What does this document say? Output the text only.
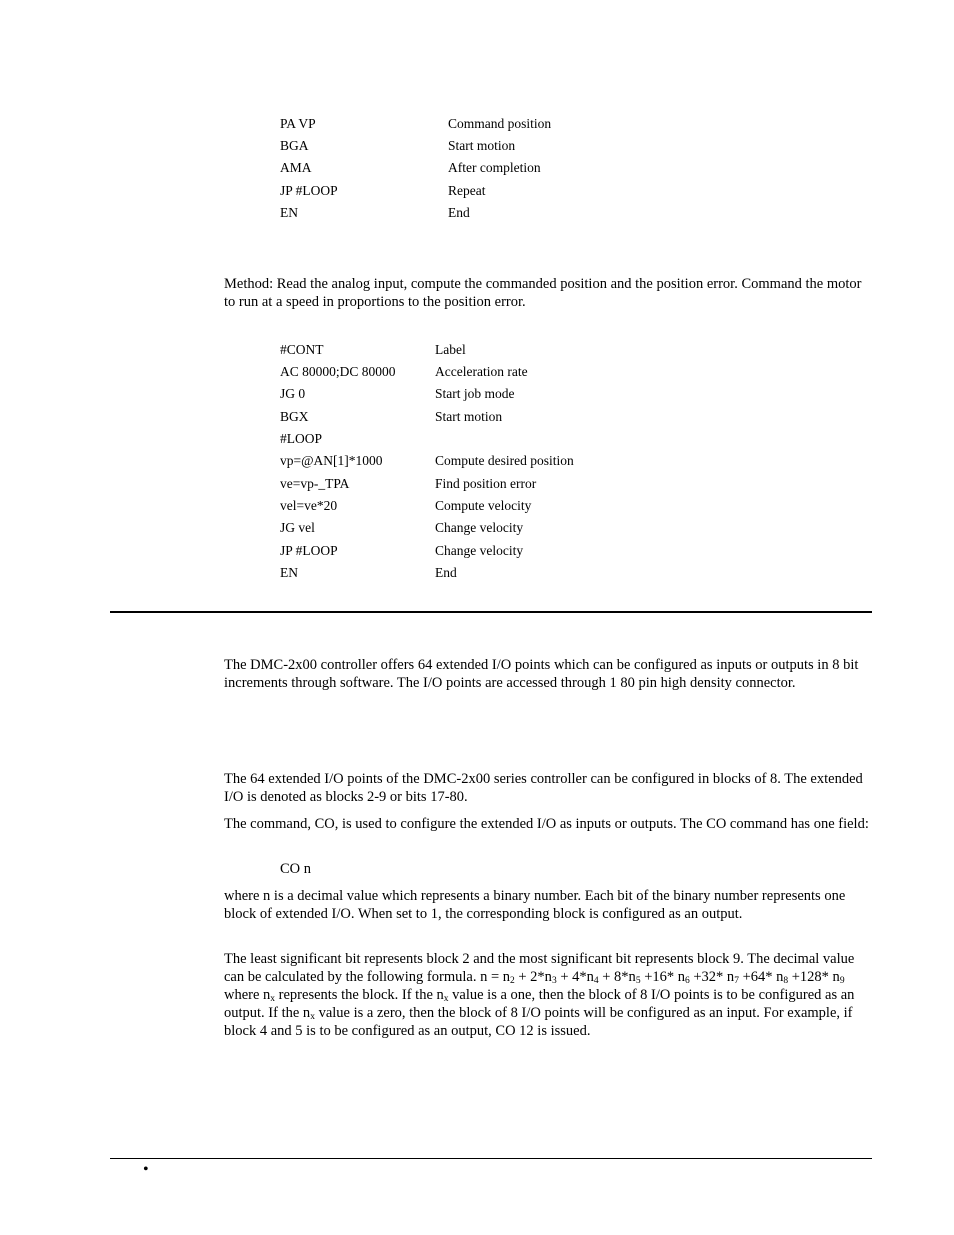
PA VP	Command position
BGA	Start motion
AMA	After completion
JP #LOOP	Repeat
EN	End

Method: Read the analog input, compute the commanded position and the position error. Command the motor to run at a speed in proportions to the position error.

#CONT	Label
AC 80000;DC 80000	Acceleration rate
JG 0	Start job mode
BGX	Start motion
#LOOP
vp=@AN[1]*1000	Compute desired position
ve=vp-_TPA	Find position error
vel=ve*20	Compute velocity
JG vel	Change velocity
JP #LOOP	Change velocity
EN	End

The DMC-2x00 controller offers 64 extended I/O points which can be configured as inputs or outputs in 8 bit increments through software. The I/O points are accessed through 1 80 pin high density connector.

The 64 extended I/O points of the DMC-2x00 series controller can be configured in blocks of 8. The extended I/O is denoted as blocks 2-9 or bits 17-80.

The command, CO, is used to configure the extended I/O as inputs or outputs. The CO command has one field:

CO n

where n is a decimal value which represents a binary number. Each bit of the binary number represents one block of extended I/O. When set to 1, the corresponding block is configured as an output.

The least significant bit represents block 2 and the most significant bit represents block 9. The decimal value can be calculated by the following formula. $n = n_2 + 2*n_3 + 4*n_4 + 8*n_5 +16*$ $n_6 +32*$ $n_7 +64*$ $n_8 +128*$ $n_9$ where $n_x$ represents the block. If the $n_x$ value is a one, then the block of 8 I/O points is to be configured as an output. If the $n_x$ value is a zero, then the block of 8 I/O points will be configured as an input. For example, if block 4 and 5 is to be configured as an output, CO 12 is issued.

•
